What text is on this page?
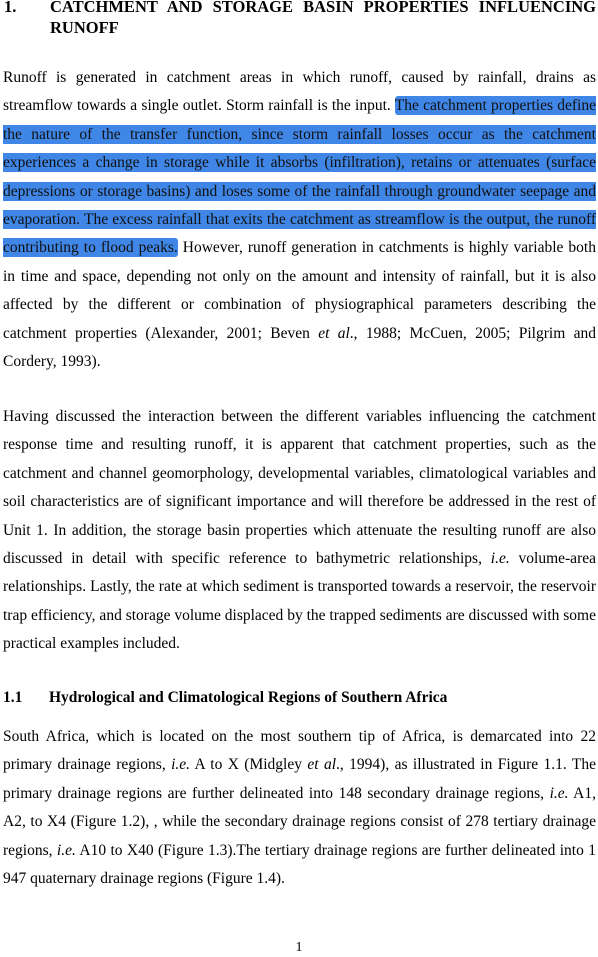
1. CATCHMENT AND STORAGE BASIN PROPERTIES INFLUENCING RUNOFF

Runoff is generated in catchment areas in which runoff, caused by rainfall, drains as streamflow towards a single outlet. Storm rainfall is the input. The catchment properties define the nature of the transfer function, since storm rainfall losses occur as the catchment experiences a change in storage while it absorbs (infiltration), retains or attenuates (surface depressions or storage basins) and loses some of the rainfall through groundwater seepage and evaporation. The excess rainfall that exits the catchment as streamflow is the output, the runoff contributing to flood peaks. However, runoff generation in catchments is highly variable both in time and space, depending not only on the amount and intensity of rainfall, but it is also affected by the different or combination of physiographical parameters describing the catchment properties (Alexander, 2001; Beven et al., 1988; McCuen, 2005; Pilgrim and Cordery, 1993).

Having discussed the interaction between the different variables influencing the catchment response time and resulting runoff, it is apparent that catchment properties, such as the catchment and channel geomorphology, developmental variables, climatological variables and soil characteristics are of significant importance and will therefore be addressed in the rest of Unit 1. In addition, the storage basin properties which attenuate the resulting runoff are also discussed in detail with specific reference to bathymetric relationships, i.e. volume-area relationships. Lastly, the rate at which sediment is transported towards a reservoir, the reservoir trap efficiency, and storage volume displaced by the trapped sediments are discussed with some practical examples included.

1.1 Hydrological and Climatological Regions of Southern Africa

South Africa, which is located on the most southern tip of Africa, is demarcated into 22 primary drainage regions, i.e. A to X (Midgley et al., 1994), as illustrated in Figure 1.1. The primary drainage regions are further delineated into 148 secondary drainage regions, i.e. A1, A2, to X4 (Figure 1.2), , while the secondary drainage regions consist of 278 tertiary drainage regions, i.e. A10 to X40 (Figure 1.3).The tertiary drainage regions are further delineated into 1 947 quaternary drainage regions (Figure 1.4).

1
